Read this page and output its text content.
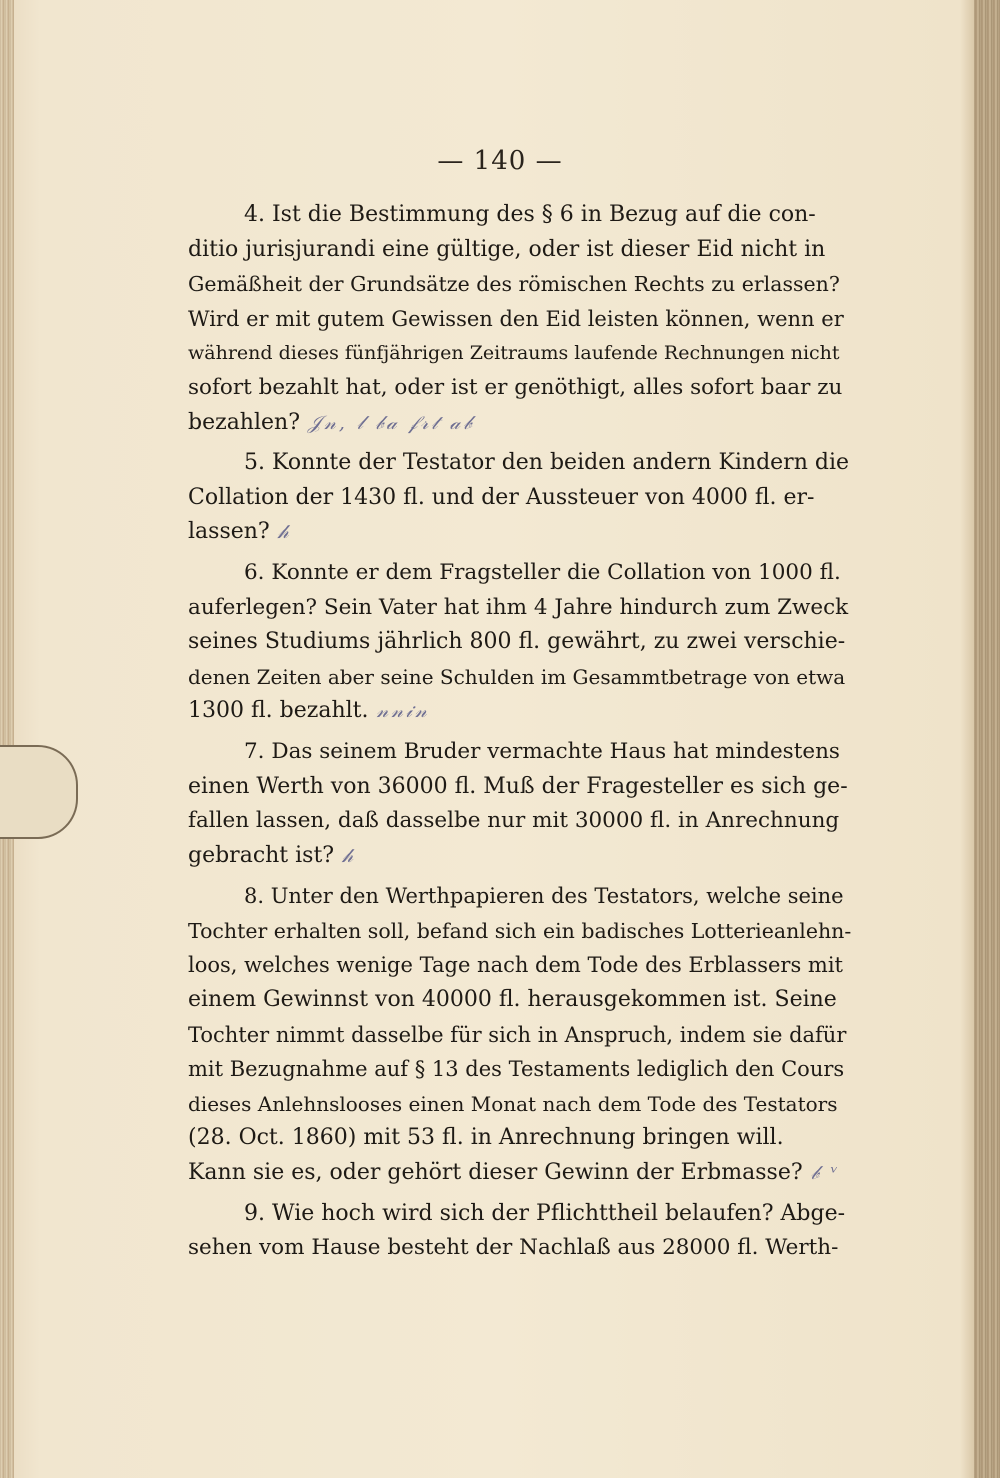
— 140 —

4. Ist die Bestimmung des § 6 in Bezug auf die con-
ditio jurisjurandi eine gültige, oder ist dieser Eid nicht in
Gemäßheit der Grundsätze des römischen Rechts zu erlassen?
Wird er mit gutem Gewissen den Eid leisten können, wenn er
während dieses fünfjährigen Zeitraums laufende Rechnungen nicht
sofort bezahlt hat, oder ist er genöthigt, alles sofort baar zu
bezahlen? 𝒥𝓃, 𝓁 𝒷𝒶 𝒻𝓇𝓉 𝒶𝒷

5. Konnte der Testator den beiden andern Kindern die
Collation der 1430 fl. und der Aussteuer von 4000 fl. er-
lassen? 𝒽

6. Konnte er dem Fragsteller die Collation von 1000 fl.
auferlegen? Sein Vater hat ihm 4 Jahre hindurch zum Zweck
seines Studiums jährlich 800 fl. gewährt, zu zwei verschie-
denen Zeiten aber seine Schulden im Gesammtbetrage von etwa
1300 fl. bezahlt. 𝓃𝓃𝒾𝓃

7. Das seinem Bruder vermachte Haus hat mindestens
einen Werth von 36000 fl. Muß der Fragesteller es sich ge-
fallen lassen, daß dasselbe nur mit 30000 fl. in Anrechnung
gebracht ist? 𝒽

8. Unter den Werthpapieren des Testators, welche seine
Tochter erhalten soll, befand sich ein badisches Lotterieanlehn-
loos, welches wenige Tage nach dem Tode des Erblassers mit
einem Gewinnst von 40000 fl. herausgekommen ist. Seine
Tochter nimmt dasselbe für sich in Anspruch, indem sie dafür
mit Bezugnahme auf § 13 des Testaments lediglich den Cours
dieses Anlehnslooses einen Monat nach dem Tode des Testators
(28. Oct. 1860) mit 53 fl. in Anrechnung bringen will.
Kann sie es, oder gehört dieser Gewinn der Erbmasse? 𝒷 ᵛ

9. Wie hoch wird sich der Pflichttheil belaufen? Abge-
sehen vom Hause besteht der Nachlaß aus 28000 fl. Werth-
